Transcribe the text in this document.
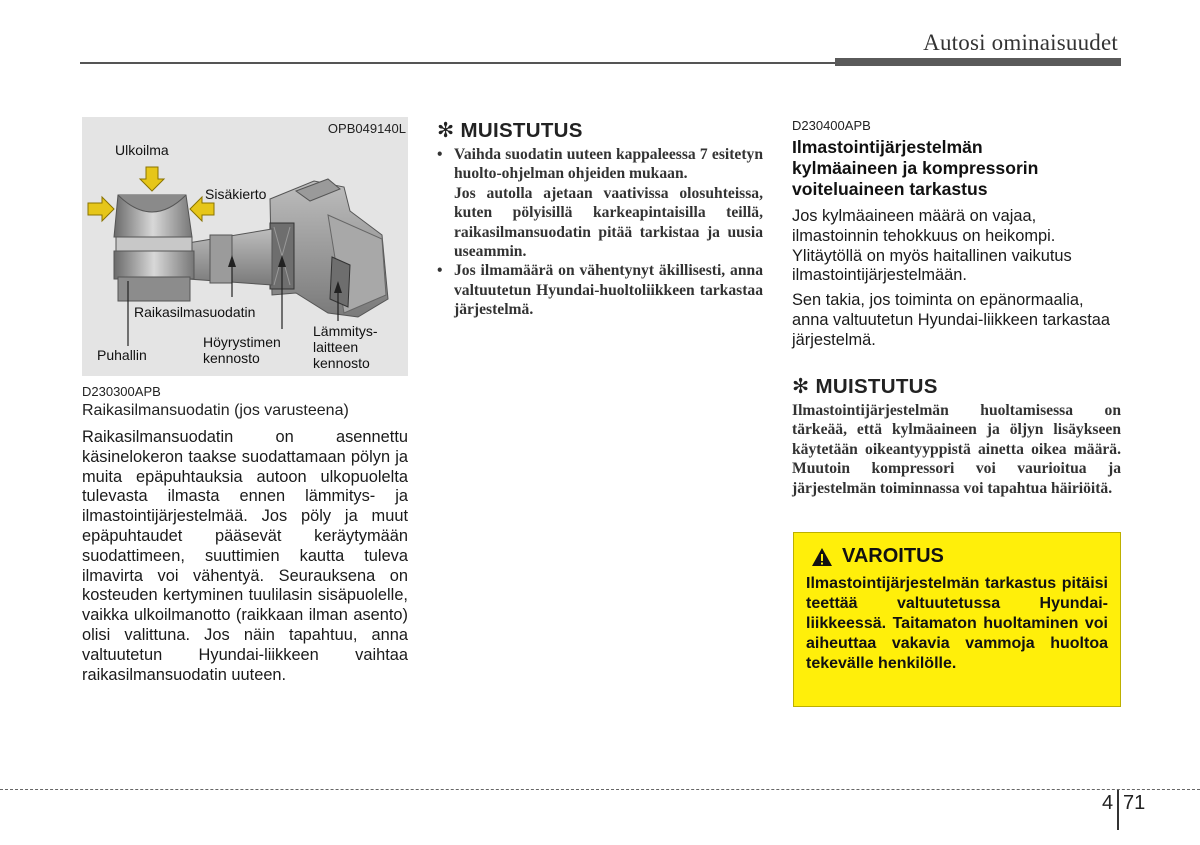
Autosi ominaisuudet
OPB049140L
Ulkoilma
Sisäkierto
Raikasilmasuodatin
Puhallin
Höyrystimen
kennosto
Lämmitys-
laitteen
kennosto
D230300APB
Raikasilmansuodatin (jos varusteena)

Raikasilmansuodatin on asennettu käsinelokeron taakse suodattamaan pölyn ja muita epäpuhtauksia autoon ulkopuolelta tulevasta ilmasta ennen lämmitys- ja ilmastointijärjestelmää. Jos pöly ja muut epäpuhtaudet pääsevät keräytymään suodattimeen, suuttimien kautta tuleva ilmavirta voi vähentyä. Seurauksena on kosteuden kertyminen tuulilasin sisäpuolelle, vaikka ulkoilmanotto (raikkaan ilman asento) olisi valittuna. Jos näin tapahtuu, anna valtuutetun Hyundai-liikkeen vaihtaa raikasilmansuodatin uuteen.

✻ MUISTUTUS

• Vaihda suodatin uuteen kappaleessa 7 esitetyn huolto-ohjelman ohjeiden mukaan.

Jos autolla ajetaan vaativissa olosuhteissa, kuten pölyisillä karkeapintaisilla teillä, raikasilmansuodatin pitää tarkistaa ja uusia useammin.

• Jos ilmamäärä on vähentynyt äkillisesti, anna valtuutetun Hyundai-huoltoliikkeen tarkastaa järjestelmä.

D230400APB
Ilmastointijärjestelmän kylmäaineen ja kompressorin voiteluaineen tarkastus

Jos kylmäaineen määrä on vajaa, ilmastoinnin tehokkuus on heikompi. Ylitäytöllä on myös haitallinen vaikutus ilmastointijärjestelmään.

Sen takia, jos toiminta on epänormaalia, anna valtuutetun Hyundai-liikkeen tarkastaa järjestelmä.

✻ MUISTUTUS

Ilmastointijärjestelmän huoltamisessa on tärkeää, että kylmäaineen ja öljyn lisäykseen käytetään oikeantyyppistä ainetta oikea määrä. Muutoin kompressori voi vaurioitua ja järjestelmän toiminnassa voi tapahtua häiriöitä.

VAROITUS

Ilmastointijärjestelmän tarkastus pitäisi teettää valtuutetussa Hyundai-liikkeessä. Taitamaton huoltaminen voi aiheuttaa vakavia vammoja huoltoa tekevälle henkilölle.

4 71
